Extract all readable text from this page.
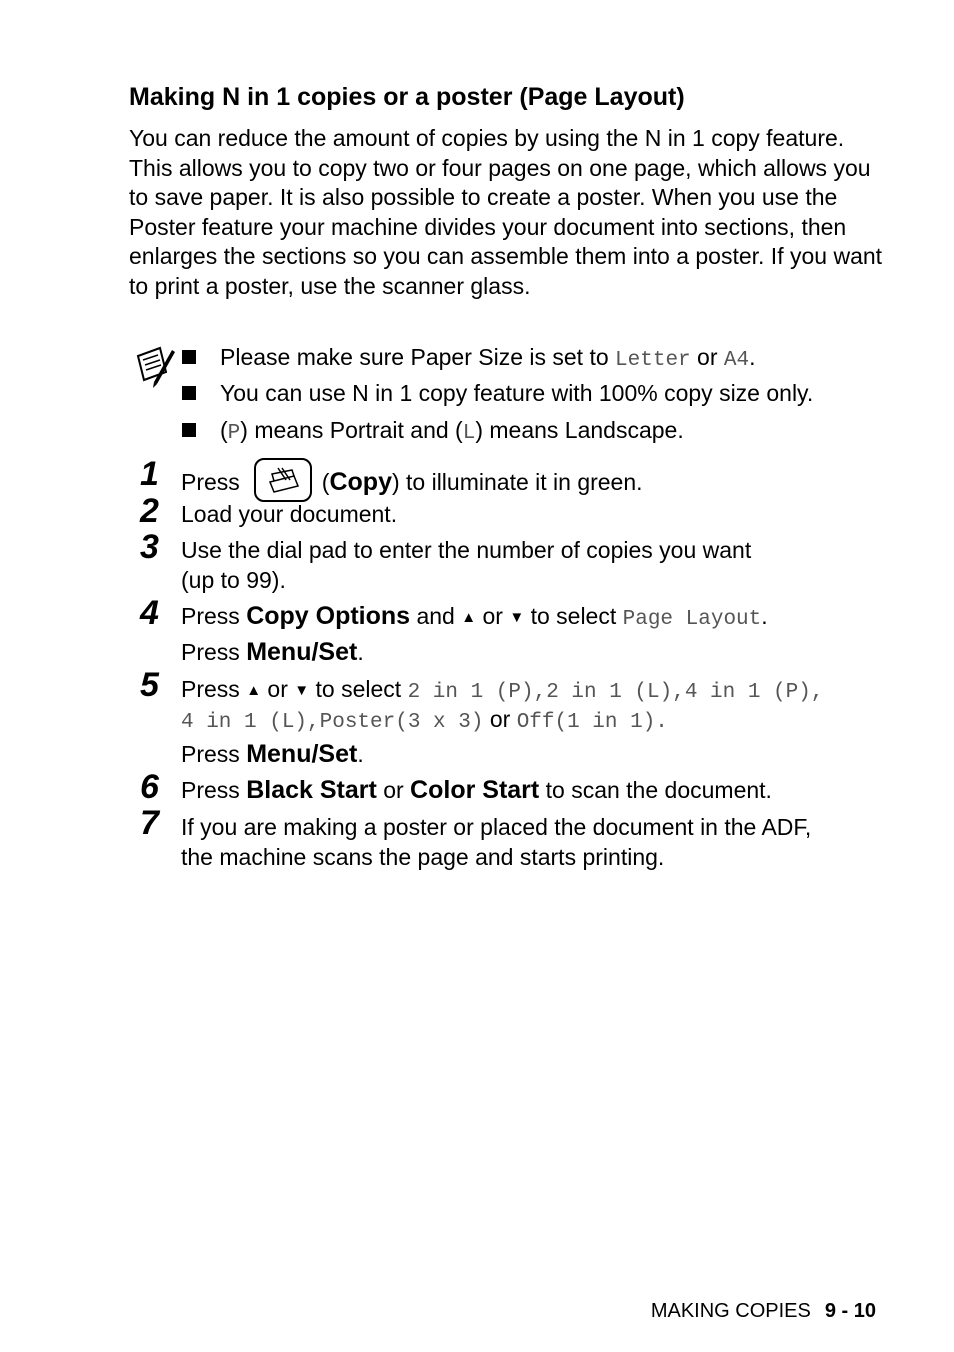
Making N in 1 copies or a poster (Page Layout)

You can reduce the amount of copies by using the N in 1 copy feature. This allows you to copy two or four pages on one page, which allows you to save paper. It is also possible to create a poster. When you use the Poster feature your machine divides your document into sections, then enlarges the sections so you can assemble them into a poster. If you want to print a poster, use the scanner glass.

Please make sure Paper Size is set to Letter or A4.
You can use N in 1 copy feature with 100% copy size only.
(P) means Portrait and (L) means Landscape.
1 Press	(Copy) to illuminate it in green.
2 Load your document.
3 Use the dial pad to enter the number of copies you want
(up to 99).
4 Press Copy Options and ▲ or ▼ to select Page Layout.
Press Menu/Set.
5 Press ▲ or ▼ to select 2 in 1 (P),2 in 1 (L),4 in 1 (P),
4 in 1 (L),Poster(3 x 3) or Off(1 in 1).
Press Menu/Set.
6 Press Black Start or Color Start to scan the document.
7 If you are making a poster or placed the document in the ADF,
the machine scans the page and starts printing.
MAKING COPIES 9 - 10
